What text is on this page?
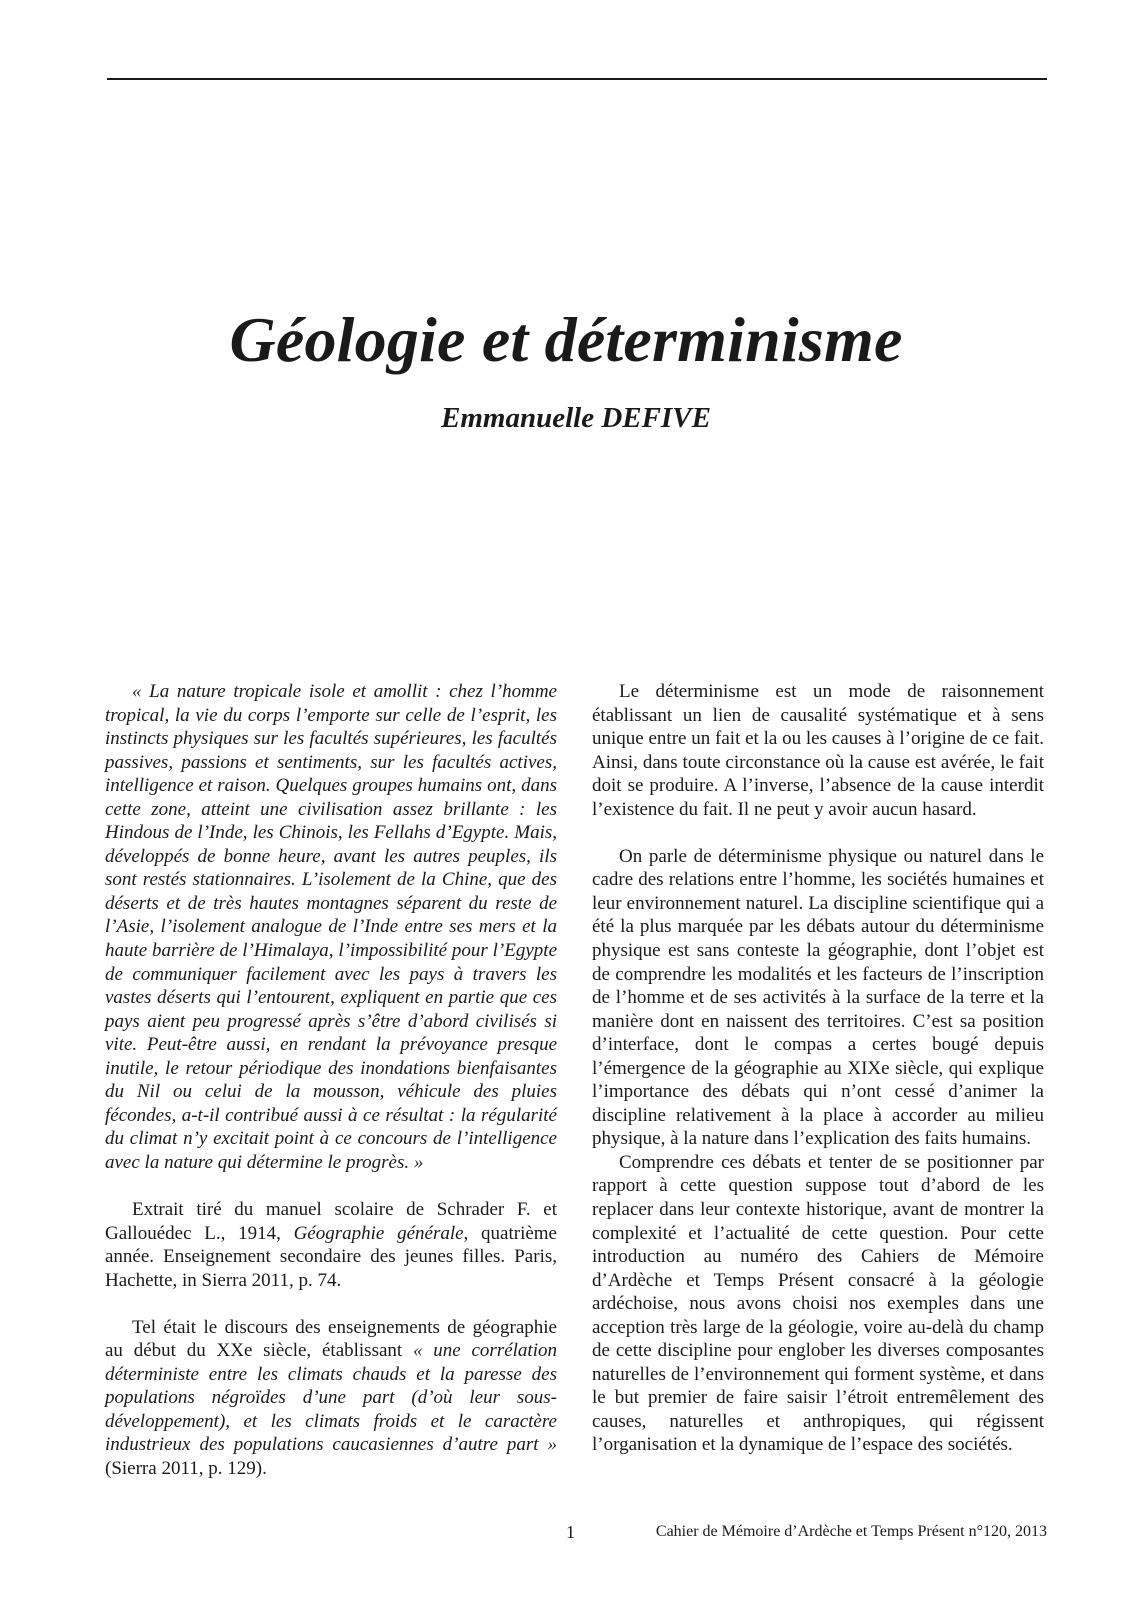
Géologie et déterminisme
Emmanuelle DEFIVE

« La nature tropicale isole et amollit : chez l’homme tropical, la vie du corps l’emporte sur celle de l’esprit, les instincts physiques sur les facultés supérieures, les facultés passives, passions et sentiments, sur les facultés actives, intelligence et raison. Quelques groupes humains ont, dans cette zone, atteint une civilisation assez brillante : les Hindous de l’Inde, les Chinois, les Fellahs d’Egypte. Mais, développés de bonne heure, avant les autres peuples, ils sont restés stationnaires. L’isolement de la Chine, que des déserts et de très hautes montagnes séparent du reste de l’Asie, l’isolement analogue de l’Inde entre ses mers et la haute barrière de l’Himalaya, l’impossibilité pour l’Egypte de communiquer facilement avec les pays à travers les vastes déserts qui l’entourent, expliquent en partie que ces pays aient peu progressé après s’être d’abord civilisés si vite. Peut-être aussi, en rendant la prévoyance presque inutile, le retour périodique des inondations bienfaisantes du Nil ou celui de la mousson, véhicule des pluies fécondes, a-t-il contribué aussi à ce résultat : la régularité du climat n’y excitait point à ce concours de l’intelligence avec la nature qui détermine le progrès. »

Extrait tiré du manuel scolaire de Schrader F. et Gallouédec L., 1914, Géographie générale, quatrième année. Enseignement secondaire des jeunes filles. Paris, Hachette, in Sierra 2011, p. 74.

Tel était le discours des enseignements de géographie au début du XXe siècle, établissant « une corrélation déterministe entre les climats chauds et la paresse des populations négroïdes d’une part (d’où leur sous-développement), et les climats froids et le caractère industrieux des populations caucasiennes d’autre part » (Sierra 2011, p. 129).

Le déterminisme est un mode de raisonnement établissant un lien de causalité systématique et à sens unique entre un fait et la ou les causes à l’origine de ce fait. Ainsi, dans toute circonstance où la cause est avérée, le fait doit se produire. A l’inverse, l’absence de la cause interdit l’existence du fait. Il ne peut y avoir aucun hasard.

On parle de déterminisme physique ou naturel dans le cadre des relations entre l’homme, les sociétés humaines et leur environnement naturel. La discipline scientifique qui a été la plus marquée par les débats autour du déterminisme physique est sans conteste la géographie, dont l’objet est de comprendre les modalités et les facteurs de l’inscription de l’homme et de ses activités à la surface de la terre et la manière dont en naissent des territoires. C’est sa position d’interface, dont le compas a certes bougé depuis l’émergence de la géographie au XIXe siècle, qui explique l’importance des débats qui n’ont cessé d’animer la discipline relativement à la place à accorder au milieu physique, à la nature dans l’explication des faits humains.

Comprendre ces débats et tenter de se positionner par rapport à cette question suppose tout d’abord de les replacer dans leur contexte historique, avant de montrer la complexité et l’actualité de cette question. Pour cette introduction au numéro des Cahiers de Mémoire d’Ardèche et Temps Présent consacré à la géologie ardéchoise, nous avons choisi nos exemples dans une acception très large de la géologie, voire au-delà du champ de cette discipline pour englober les diverses composantes naturelles de l’environnement qui forment système, et dans le but premier de faire saisir l’étroit entremêlement des causes, naturelles et anthropiques, qui régissent l’organisation et la dynamique de l’espace des sociétés.

1	Cahier de Mémoire d’Ardèche et Temps Présent n°120, 2013
